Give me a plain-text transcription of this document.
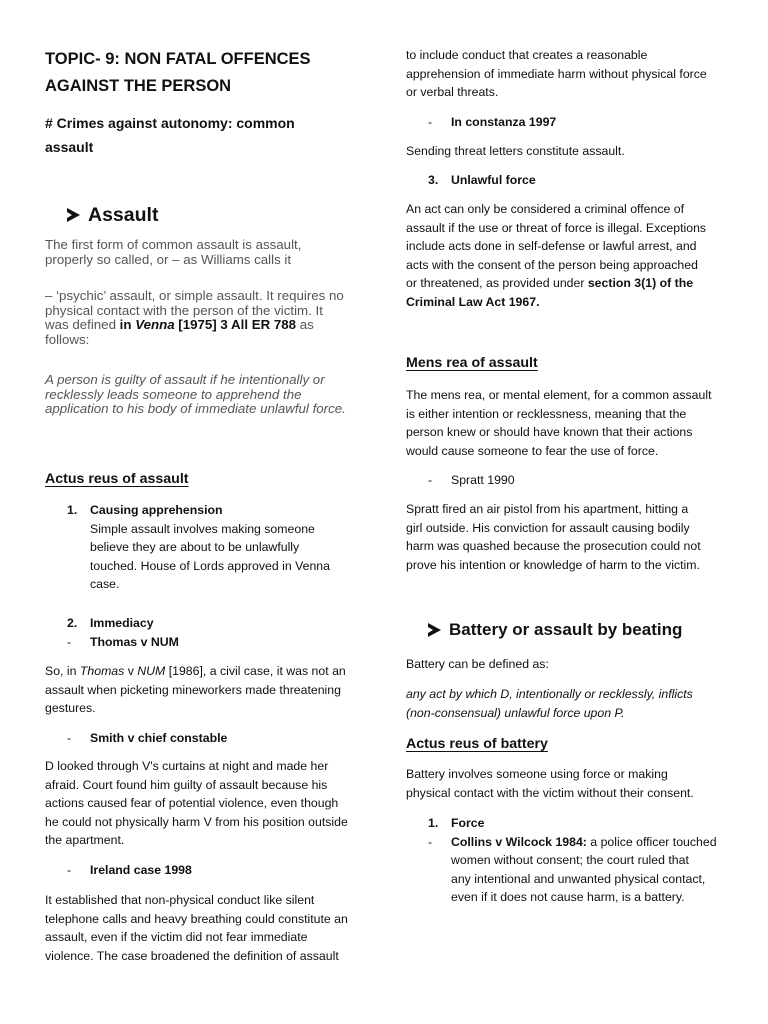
TOPIC- 9: NON FATAL OFFENCES
AGAINST THE PERSON
# Crimes against autonomy: common
assault
Assault
The first form of common assault is assault,
properly so called, or – as Williams calls it
– ‘psychic’ assault, or simple assault. It requires no
physical contact with the person of the victim. It
was defined in Venna [1975] 3 All ER 788 as
follows:
A person is guilty of assault if he intentionally or
recklessly leads someone to apprehend the
application to his body of immediate unlawful force.
Actus reus of assault
1. Causing apprehension
Simple assault involves making someone
believe they are about to be unlawfully
touched. House of Lords approved in Venna
case.
2. Immediacy
- Thomas v NUM
So, in Thomas v NUM [1986], a civil case, it was not an
assault when picketing mineworkers made threatening
gestures.
- Smith v chief constable
D looked through V's curtains at night and made her
afraid. Court found him guilty of assault because his
actions caused fear of potential violence, even though
he could not physically harm V from his position outside
the apartment.
- Ireland case 1998
It established that non-physical conduct like silent
telephone calls and heavy breathing could constitute an
assault, even if the victim did not fear immediate
violence. The case broadened the definition of assault
to include conduct that creates a reasonable
apprehension of immediate harm without physical force
or verbal threats.
- In constanza 1997
Sending threat letters constitute assault.
3. Unlawful force
An act can only be considered a criminal offence of
assault if the use or threat of force is illegal. Exceptions
include acts done in self-defense or lawful arrest, and
acts with the consent of the person being approached
or threatened, as provided under section 3(1) of the
Criminal Law Act 1967.
Mens rea of assault
The mens rea, or mental element, for a common assault
is either intention or recklessness, meaning that the
person knew or should have known that their actions
would cause someone to fear the use of force.
- Spratt 1990
Spratt fired an air pistol from his apartment, hitting a
girl outside. His conviction for assault causing bodily
harm was quashed because the prosecution could not
prove his intention or knowledge of harm to the victim.
Battery or assault by beating
Battery can be defined as:
any act by which D, intentionally or recklessly, inflicts
(non-consensual) unlawful force upon P.
Actus reus of battery
Battery involves someone using force or making
physical contact with the victim without their consent.
1. Force
- Collins v Wilcock 1984: a police officer touched
women without consent; the court ruled that
any intentional and unwanted physical contact,
even if it does not cause harm, is a battery.
